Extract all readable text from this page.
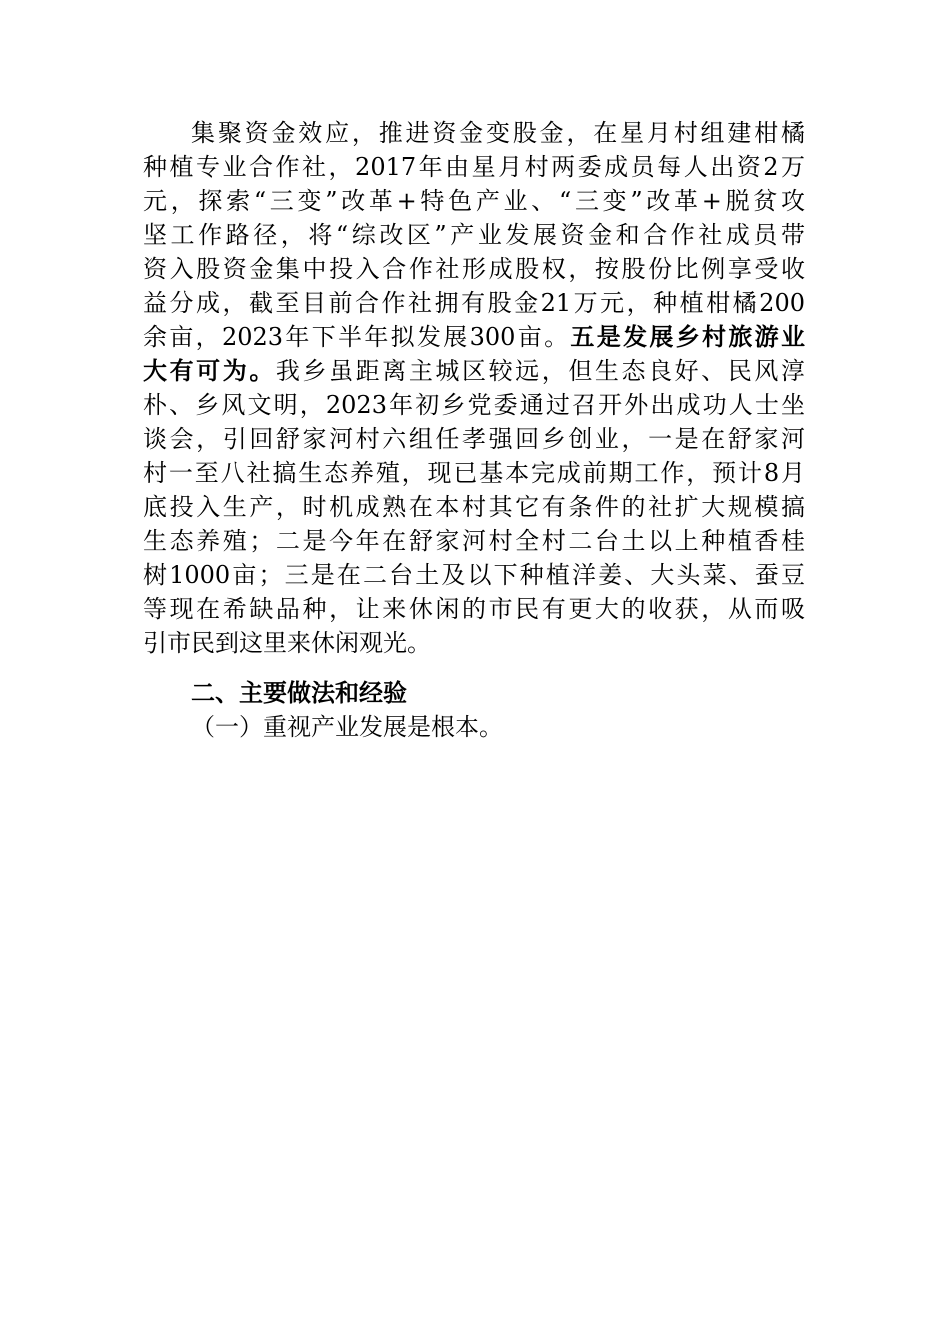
集聚资金效应，推进资金变股金，在星月村组建柑橘
种植专业合作社，2017年由星月村两委成员每人出资2万
元，探索“三变”改革+特色产业、“三变”改革+脱贫攻
坚工作路径，将“综改区”产业发展资金和合作社成员带
资入股资金集中投入合作社形成股权，按股份比例享受收
益分成，截至目前合作社拥有股金21万元，种植柑橘200
余亩，2023年下半年拟发展300亩。五是发展乡村旅游业
大有可为。我乡虽距离主城区较远，但生态良好、民风淳
朴、乡风文明，2023年初乡党委通过召开外出成功人士坐
谈会，引回舒家河村六组任孝强回乡创业，一是在舒家河
村一至八社搞生态养殖，现已基本完成前期工作，预计8月
底投入生产，时机成熟在本村其它有条件的社扩大规模搞
生态养殖；二是今年在舒家河村全村二台土以上种植香桂
树1000亩；三是在二台土及以下种植洋姜、大头菜、蚕豆
等现在希缺品种，让来休闲的市民有更大的收获，从而吸
引市民到这里来休闲观光。
二、主要做法和经验
（一）重视产业发展是根本。
